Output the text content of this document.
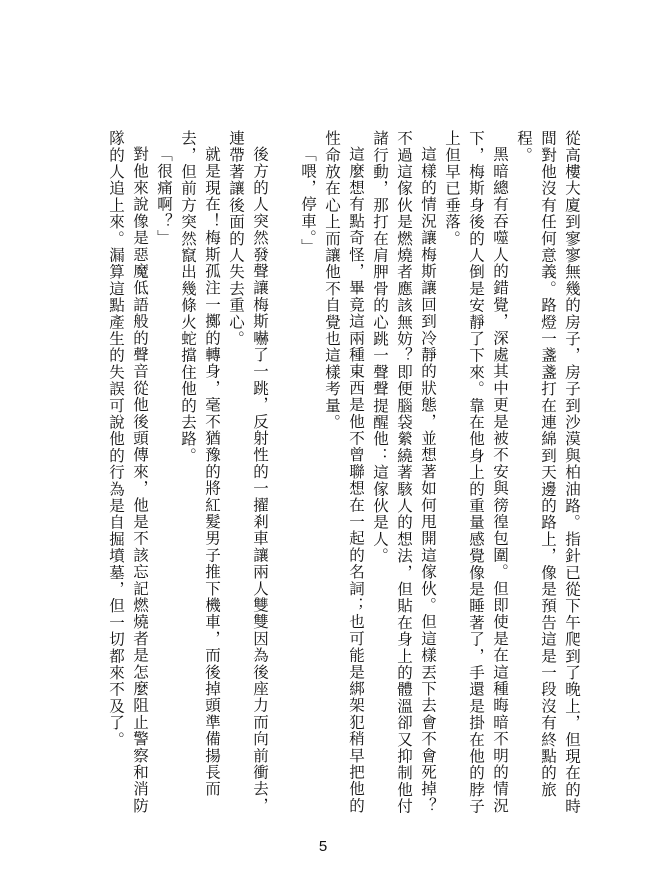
從高樓大廈到寥寥無幾的房子，房子到沙漠與柏油路。指針已從下午爬到了晚上，但現在的時間對他沒有任何意義。路燈一盞盞打在連綿到天邊的路上，像是預告這是一段沒有終點的旅程。

黑暗總有吞噬人的錯覺，深處其中更是被不安與徬徨包圍。但即使是在這種晦暗不明的情況下，梅斯身後的人倒是安靜了下來。靠在他身上的重量感覺像是睡著了，手還是掛在他的脖子上但早已垂落。

這樣的情況讓梅斯讓回到冷靜的狀態，並想著如何甩開這傢伙。但這樣丟下去會不會死掉？不過這傢伙是燃燒者應該無妨？即便腦袋縈繞著駭人的想法，但貼在身上的體溫卻又抑制他付諸行動，那打在肩胛骨的心跳一聲聲提醒他：這傢伙是人。

這麼想有點奇怪，畢竟這兩種東西是他不曾聯想在一起的名詞；也可能是綁架犯稍早把他的性命放在心上而讓他不自覺也這樣考量。

「喂，停車。」

後方的人突然發聲讓梅斯嚇了一跳，反射性的一擢剎車讓兩人雙雙因為後座力而向前衝去，連帶著讓後面的人失去重心。

就是現在！梅斯孤注一擲的轉身，毫不猶豫的將紅髮男子推下機車，而後掉頭準備揚長而去，但前方突然竄出幾條火蛇擋住他的去路。

「很痛啊？」

對他來說像是惡魔低語般的聲音從他後頭傳來，他是不該忘記燃燒者是怎麼阻止警察和消防隊的人追上來。漏算這點產生的失誤可說他的行為是自掘墳墓，但一切都來不及了。

5
